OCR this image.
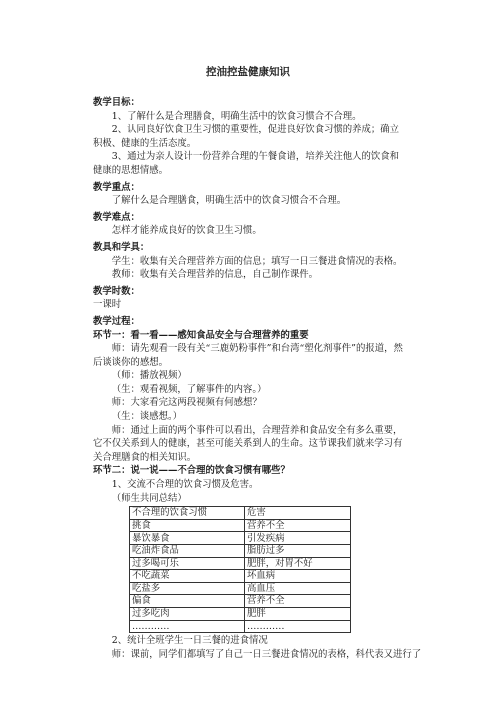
控油控盐健康知识
教学目标：

1、了解什么是合理膳食，明确生活中的饮食习惯合不合理。

2、认同良好饮食卫生习惯的重要性，促进良好饮食习惯的养成；确立积极、健康的生活态度。

3、通过为亲人设计一份营养合理的午餐食谱，培养关注他人的饮食和健康的思想情感。

教学重点：

了解什么是合理膳食，明确生活中的饮食习惯合不合理。

教学难点：

怎样才能养成良好的饮食卫生习惯。

教具和学具：

学生：收集有关合理营养方面的信息；填写一日三餐进食情况的表格。

教师：收集有关合理营养的信息，自己制作课件。

教学时数：

一课时

教学过程：
环节一：看一看——感知食品安全与合理营养的重要

师：请先观看一段有关“三鹿奶粉事件”和台湾“塑化剂事件”的报道，然后谈谈你的感想。

（师：播放视频）

（生：观看视频，了解事件的内容。）

师：大家看完这两段视频有何感想？

（生：谈感想。）

师：通过上面的两个事件可以看出，合理营养和食品安全有多么重要，它不仅关系到人的健康，甚至可能关系到人的生命。这节课我们就来学习有关合理膳食的相关知识。

环节二：说一说——不合理的饮食习惯有哪些？

1、交流不合理的饮食习惯及危害。

（师生共同总结）

不合理的饮食习惯	危害
挑食	营养不全
暴饮暴食	引发疾病
吃油炸食品	脂肪过多
过多喝可乐	肥胖，对胃不好
不吃蔬菜	坏血病
吃盐多	高血压
偏食	营养不全
过多吃肉	肥胖
…………	…………

2、统计全班学生一日三餐的进食情况

师：课前，同学们都填写了自己一日三餐进食情况的表格，科代表又进行了
